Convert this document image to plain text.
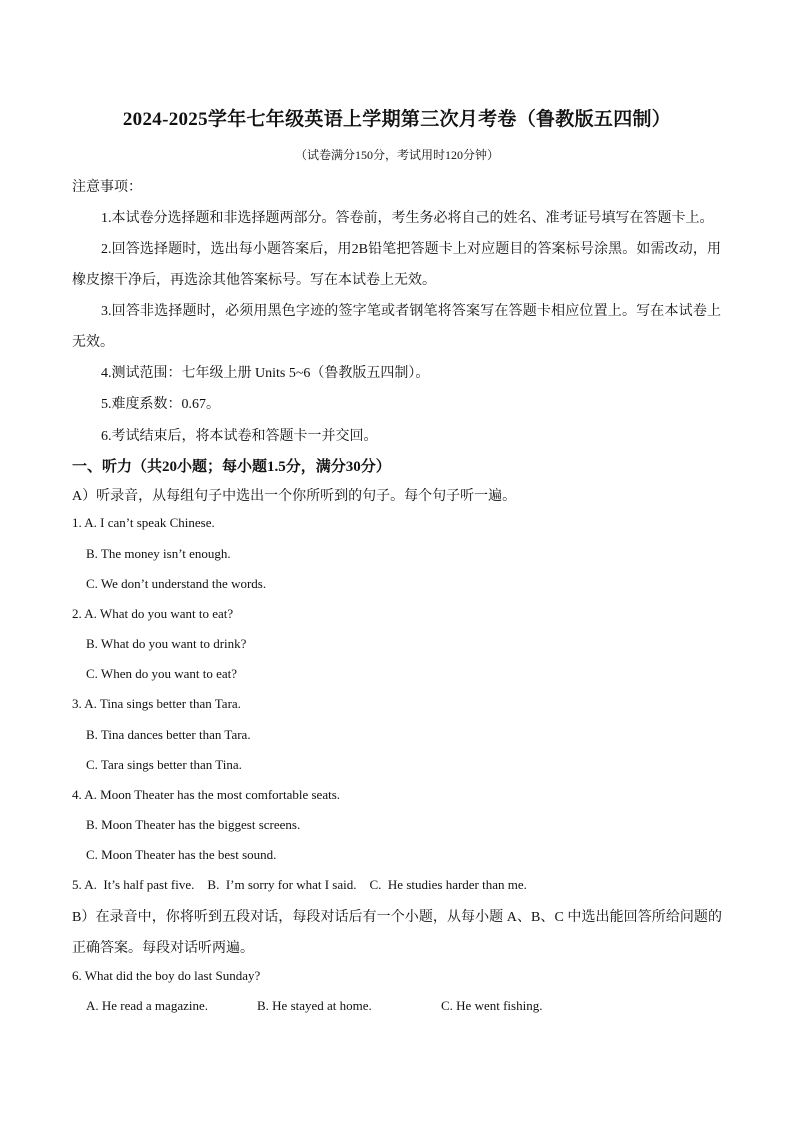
2024-2025学年七年级英语上学期第三次月考卷（鲁教版五四制）
（试卷满分150分，考试用时120分钟）
注意事项：
1.本试卷分选择题和非选择题两部分。答卷前，考生务必将自己的姓名、准考证号填写在答题卡上。
2.回答选择题时，选出每小题答案后，用2B铅笔把答题卡上对应题目的答案标号涂黑。如需改动，用
橡皮擦干净后，再选涂其他答案标号。写在本试卷上无效。
3.回答非选择题时，必须用黑色字迹的签字笔或者钢笔将答案写在答题卡相应位置上。写在本试卷上
无效。
4.测试范围：七年级上册 Units 5~6（鲁教版五四制）。
5.难度系数：0.67。
6.考试结束后，将本试卷和答题卡一并交回。
一、听力（共20小题；每小题1.5分，满分30分）
A）听录音，从每组句子中选出一个你所听到的句子。每个句子听一遍。
1. A. I can’t speak Chinese.
B. The money isn’t enough.
C. We don’t understand the words.
2. A. What do you want to eat?
B. What do you want to drink?
C. When do you want to eat?
3. A. Tina sings better than Tara.
B. Tina dances better than Tara.
C. Tara sings better than Tina.
4. A. Moon Theater has the most comfortable seats.
B. Moon Theater has the biggest screens.
C. Moon Theater has the best sound.
5. A.  It’s half past five.    B.  I’m sorry for what I said.    C.  He studies harder than me.
B）在录音中，你将听到五段对话，每段对话后有一个小题，从每小题 A、B、C 中选出能回答所给问题的
正确答案。每段对话听两遍。
6. What did the boy do last Sunday?
A. He read a magazine.	B. He stayed at home.	C. He went fishing.
